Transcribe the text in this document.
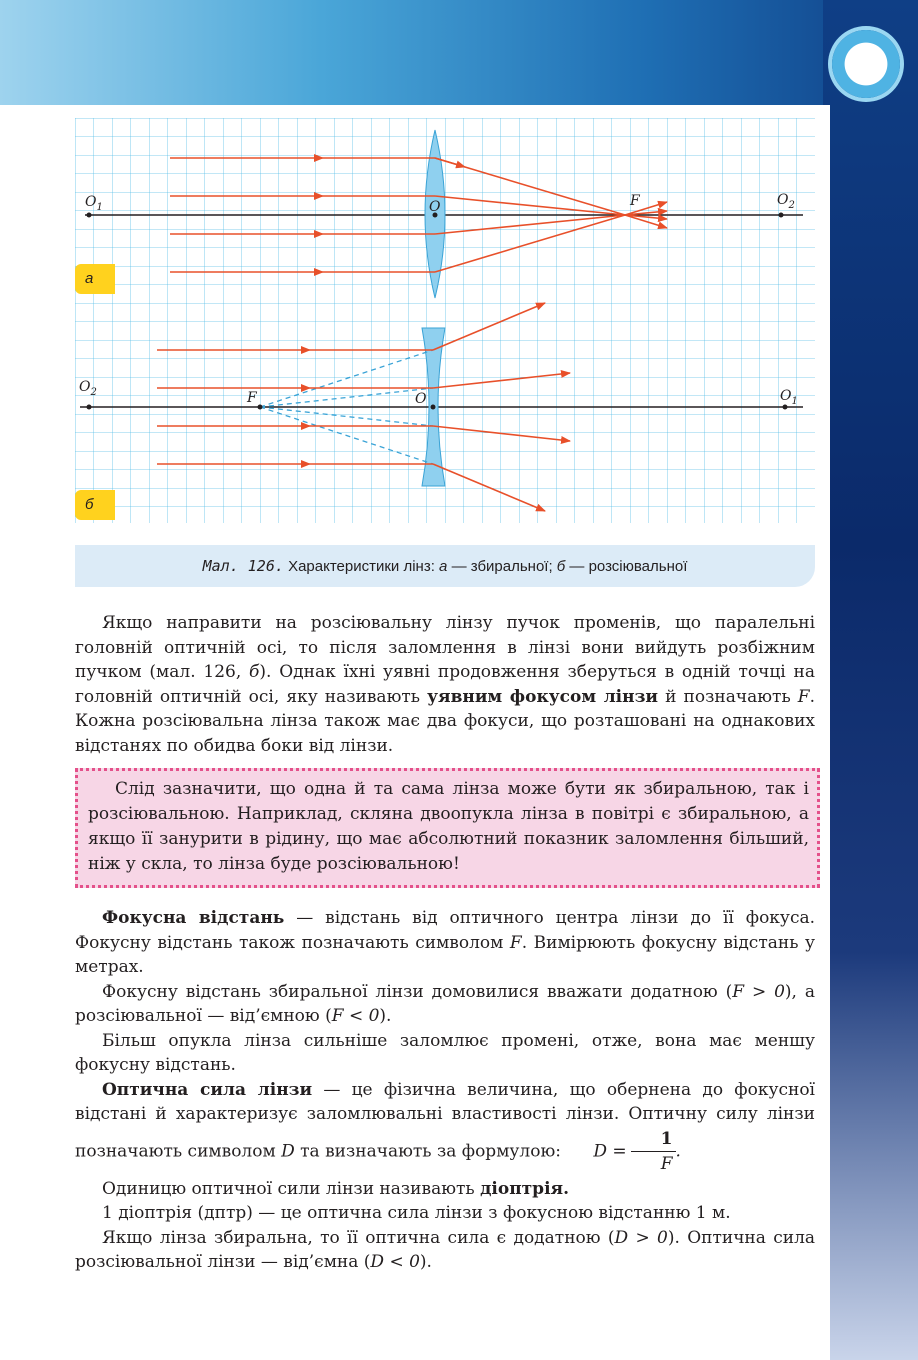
87
$O_1$	O	F	$O_2$
$O_2$	F	O	$O_1$
а
б
Мал. 126. Характеристики лінз: а — збиральної; б — розсіювальної

Якщо направити на розсіювальну лінзу пучок променів, що паралельні головній оптичній осі, то після заломлення в лінзі вони вийдуть розбіжним пучком (мал. 126, б). Однак їхні уявні продовження зберуться в одній точці на головній оптичній осі, яку називають уявним фокусом лінзи й позначають F. Кожна розсіювальна лінза також має два фокуси, що розташовані на однакових відстанях по обидва боки від лінзи.

Слід зазначити, що одна й та сама лінза може бути як збиральною, так і розсіювальною. Наприклад, скляна двоопукла лінза в повітрі є збиральною, а якщо її занурити в рідину, що має абсолютний показник заломлення більший, ніж у скла, то лінза буде розсіювальною!

Фокусна відстань — відстань від оптичного центра лінзи до її фокуса. Фокусну відстань також позначають символом F. Вимірюють фокусну відстань у метрах.

Фокусну відстань збиральної лінзи домовилися вважати додатною (F > 0), а розсіювальної — від’ємною (F < 0).

Більш опукла лінза сильніше заломлює промені, отже, вона має меншу фокусну відстань.

Оптична сила лінзи — це фізична величина, що обернена до фокусної відстані й характеризує заломлювальні властивості лінзи. Оптичну силу лінзи позначають символом D та визначають за формулою: $D = \frac{1}{F}$ .

Одиницю оптичної сили лінзи називають діоптрія.

1 діоптрія (дптр) — це оптична сила лінзи з фокусною відстанню 1 м.

Якщо лінза збиральна, то її оптична сила є додатною (D > 0). Оптична сила розсіювальної лінзи — від’ємна (D < 0).
